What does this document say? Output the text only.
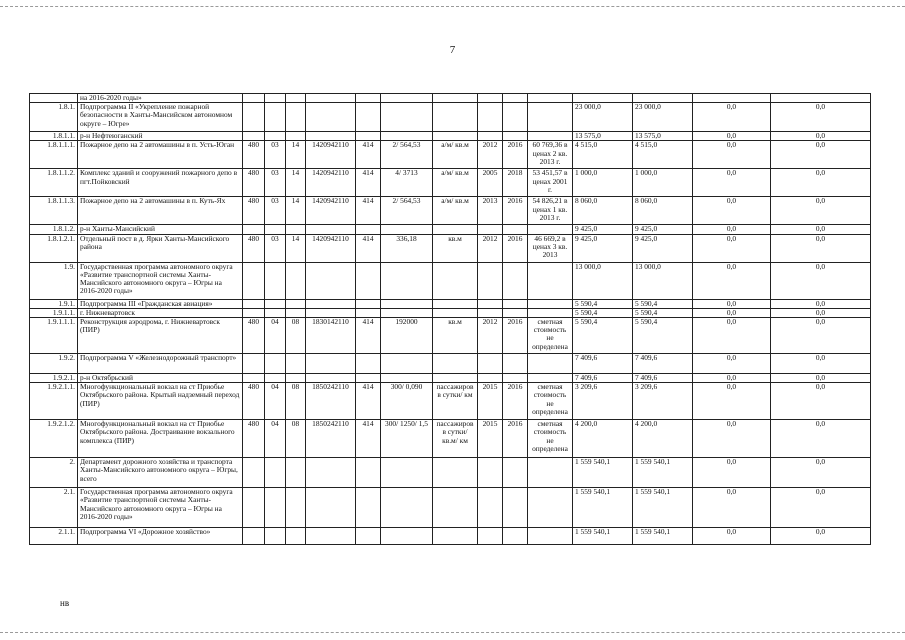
7
	на 2016-2020 годы»														
1.8.1.	Подпрограмма II «Укрепление пожарной безопасности в Ханты-Мансийском автономном округе – Югре»											23 000,0	23 000,0	0,0	0,0
1.8.1.1.	р-н Нефтеюганский											13 575,0	13 575,0	0,0	0,0
1.8.1.1.1.	Пожарное депо на 2 автомашины в п. Усть-Юган	480	03	14	1420942110	414	2/ 564,53	а/м/ кв.м	2012	2016	60 769,36 в ценах 2 кв. 2013 г.	4 515,0	4 515,0	0,0	0,0
1.8.1.1.2.	Комплекс зданий и сооружений пожарного депо в пгт.Пойковский	480	03	14	1420942110	414	4/ 3713	а/м/ кв.м	2005	2018	53 451,57 в ценах 2001 г.	1 000,0	1 000,0	0,0	0,0
1.8.1.1.3.	Пожарное депо на 2 автомашины в п. Куть-Ях	480	03	14	1420942110	414	2/ 564,53	а/м/ кв.м	2013	2016	54 826,21 в ценах 1 кв. 2013 г.	8 060,0	8 060,0	0,0	0,0
1.8.1.2.	р-н Ханты-Мансийский											9 425,0	9 425,0	0,0	0,0
1.8.1.2.1.	Отдельный пост в д. Ярки Ханты-Мансийского района	480	03	14	1420942110	414	336,18	кв.м	2012	2016	46 669,2 в ценах 3 кв. 2013	9 425,0	9 425,0	0,0	0,0
1.9.	Государственная программа автономного округа «Развитие транспортной системы Ханты-Мансийского автономного округа – Югры на 2016-2020 годы»											13 000,0	13 000,0	0,0	0,0
1.9.1.	Подпрограмма III «Гражданская авиация»											5 590,4	5 590,4	0,0	0,0
1.9.1.1.	г. Нижневартовск											5 590,4	5 590,4	0,0	0,0
1.9.1.1.1.	Реконструкция аэродрома, г. Нижневартовск (ПИР)	480	04	08	1830142110	414	192000	кв.м	2012	2016	сметная стоимость не определена	5 590,4	5 590,4	0,0	0,0
1.9.2.	Подпрограмма V «Железнодорожный транспорт»											7 409,6	7 409,6	0,0	0,0
1.9.2.1.	р-н Октябрьский											7 409,6	7 409,6	0,0	0,0
1.9.2.1.1.	Многофункциональный вокзал на ст Приобье Октябрьского района. Крытый надземный переход (ПИР)	480	04	08	1850242110	414	300/ 0,090	пассажиров в сутки/ км	2015	2016	сметная стоимость не определена	3 209,6	3 209,6	0,0	0,0
1.9.2.1.2.	Многофункциональный вокзал на ст Приобье Октябрьского района. Достраивание вокзального комплекса (ПИР)	480	04	08	1850242110	414	300/ 1250/ 1,5	пассажиров в сутки/ кв.м/ км	2015	2016	сметная стоимость не определена	4 200,0	4 200,0	0,0	0,0
2.	Департамент дорожного хозяйства и транспорта Ханты-Мансийского автономного округа – Югры, всего											1 559 540,1	1 559 540,1	0,0	0,0
2.1.	Государственная программа автономного округа «Развитие транспортной системы Ханты-Мансийского автономного округа – Югры на 2016-2020 годы»											1 559 540,1	1 559 540,1	0,0	0,0
2.1.1.	Подпрограмма VI «Дорожное хозяйство»											1 559 540,1	1 559 540,1	0,0	0,0
нв
